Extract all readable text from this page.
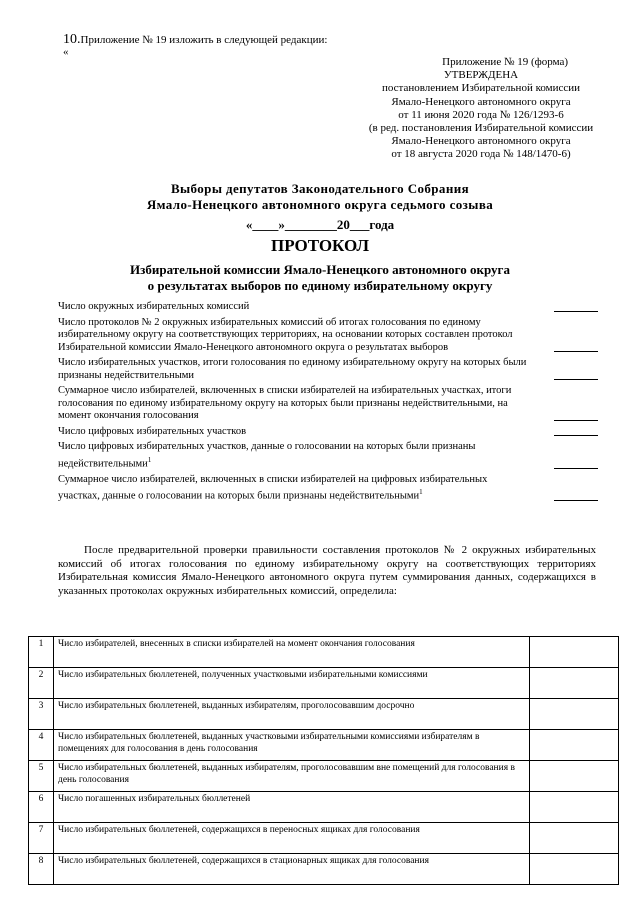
10.Приложение № 19 изложить в следующей редакции:
«
Приложение № 19 (форма)
УТВЕРЖДЕНА
постановлением Избирательной комиссии
Ямало-Ненецкого автономного округа
от 11 июня 2020 года № 126/1293-6
(в ред. постановления Избирательной комиссии
Ямало-Ненецкого автономного округа
от 18 августа 2020 года № 148/1470-6)
Выборы депутатов Законодательного Собрания
Ямало-Ненецкого автономного округа седьмого созыва
«____»________20___года
ПРОТОКОЛ
Избирательной комиссии Ямало-Ненецкого автономного округа
о результатах выборов по единому избирательному округу
Число окружных избирательных комиссий
Число протоколов № 2 окружных избирательных комиссий об итогах голосования по единому избирательному округу на соответствующих территориях, на основании которых составлен протокол Избирательной комиссии Ямало-Ненецкого автономного округа о результатах выборов
Число избирательных участков, итоги голосования по единому избирательному округу на которых были признаны недействительными
Суммарное число избирателей, включенных в списки избирателей на избирательных участках, итоги голосования по единому избирательному округу на которых были признаны недействительными, на момент окончания голосования
Число цифровых избирательных участков
Число цифровых избирательных участков, данные о голосовании на которых были признаны недействительными$^1$
Суммарное число избирателей, включенных в списки избирателей на цифровых избирательных участках, данные о голосовании на которых были признаны недействительными$^1$
После предварительной проверки правильности составления протоколов № 2 окружных избирательных комиссий об итогах голосования по единому избирательному округу на соответствующих территориях Избирательная комиссия Ямало-Ненецкого автономного округа путем суммирования данных, содержащихся в указанных протоколах окружных избирательных комиссий, определила:
1	Число избирателей, внесенных в списки избирателей на момент окончания голосования	
2	Число избирательных бюллетеней, полученных участковыми избирательными комиссиями	
3	Число избирательных бюллетеней, выданных избирателям, проголосовавшим досрочно	
4	Число избирательных бюллетеней, выданных участковыми избирательными комиссиями избирателям в помещениях для голосования в день голосования	
5	Число избирательных бюллетеней, выданных избирателям, проголосовавшим вне помещений для голосования в день голосования	
6	Число погашенных избирательных бюллетеней	
7	Число избирательных бюллетеней, содержащихся в переносных ящиках для голосования	
8	Число избирательных бюллетеней, содержащихся в стационарных ящиках для голосования	
